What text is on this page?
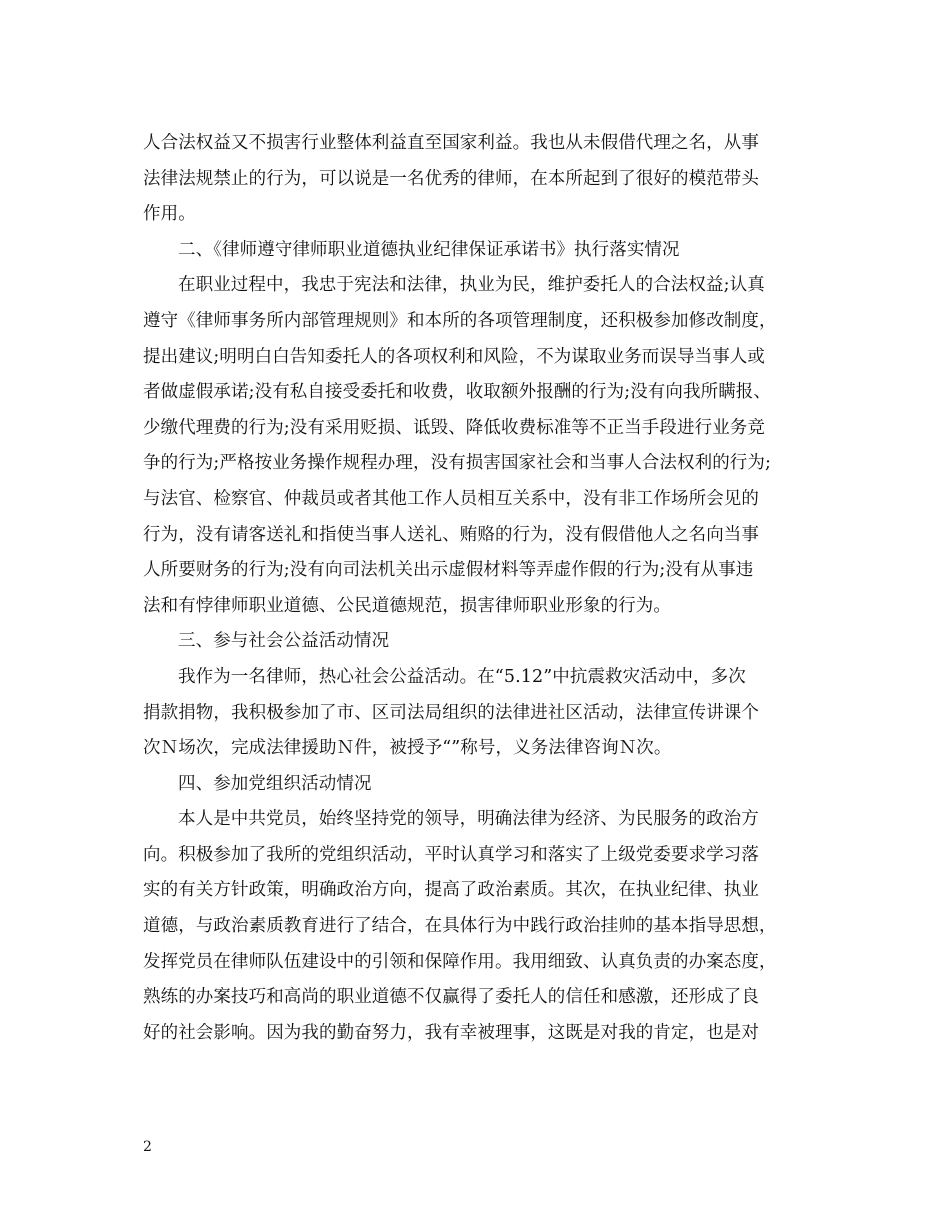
人合法权益又不损害行业整体利益直至国家利益。我也从未假借代理之名，从事
法律法规禁止的行为，可以说是一名优秀的律师，在本所起到了很好的模范带头
作用。
二、《律师遵守律师职业道德执业纪律保证承诺书》执行落实情况
在职业过程中，我忠于宪法和法律，执业为民，维护委托人的合法权益;认真
遵守《律师事务所内部管理规则》和本所的各项管理制度，还积极参加修改制度，
提出建议;明明白白告知委托人的各项权利和风险，不为谋取业务而误导当事人或
者做虚假承诺;没有私自接受委托和收费，收取额外报酬的行为;没有向我所瞒报、
少缴代理费的行为;没有采用贬损、诋毁、降低收费标准等不正当手段进行业务竞
争的行为;严格按业务操作规程办理，没有损害国家社会和当事人合法权利的行为;
与法官、检察官、仲裁员或者其他工作人员相互关系中，没有非工作场所会见的
行为，没有请客送礼和指使当事人送礼、贿赂的行为，没有假借他人之名向当事
人所要财务的行为;没有向司法机关出示虚假材料等弄虚作假的行为;没有从事违
法和有悖律师职业道德、公民道德规范，损害律师职业形象的行为。
三、参与社会公益活动情况
我作为一名律师，热心社会公益活动。在“5.12”中抗震救灾活动中，多次
捐款捐物，我积极参加了市、区司法局组织的法律进社区活动，法律宣传讲课个
次Ｎ场次，完成法律援助Ｎ件，被授予“”称号，义务法律咨询Ｎ次。
四、参加党组织活动情况
本人是中共党员，始终坚持党的领导，明确法律为经济、为民服务的政治方
向。积极参加了我所的党组织活动，平时认真学习和落实了上级党委要求学习落
实的有关方针政策，明确政治方向，提高了政治素质。其次，在执业纪律、执业
道德，与政治素质教育进行了结合，在具体行为中践行政治挂帅的基本指导思想，
发挥党员在律师队伍建设中的引领和保障作用。我用细致、认真负责的办案态度，
熟练的办案技巧和高尚的职业道德不仅赢得了委托人的信任和感激，还形成了良
好的社会影响。因为我的勤奋努力，我有幸被理事，这既是对我的肯定，也是对
2
